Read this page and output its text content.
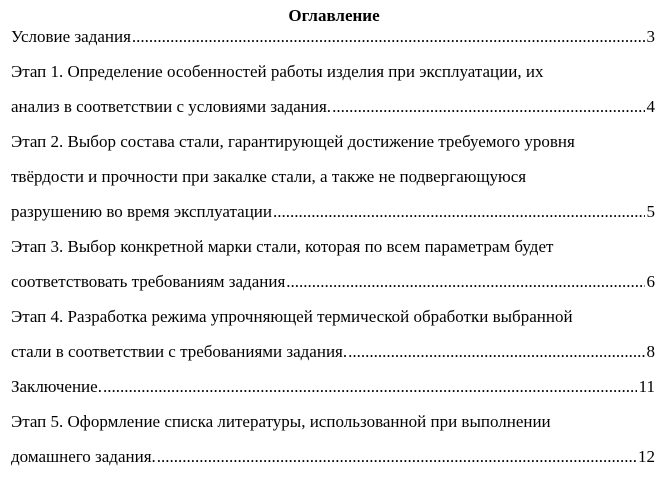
Оглавление
Условие задания .....	3
Этап 1. Определение особенностей работы изделия при эксплуатации, их
анализ в соответствии с условиями задания. .....	4
Этап 2. Выбор состава стали, гарантирующей достижение требуемого уровня
твёрдости и прочности при закалке стали, а также не подвергающуюся
разрушению во время эксплуатации .....	5
Этап 3. Выбор конкретной марки стали, которая по всем параметрам будет
соответствовать требованиям задания .....	6
Этап 4. Разработка режима упрочняющей термической обработки выбранной
стали в соответствии с требованиями задания. .....	8
Заключение. .....	11
Этап 5. Оформление списка литературы, использованной при выполнении
домашнего задания. .....	12
